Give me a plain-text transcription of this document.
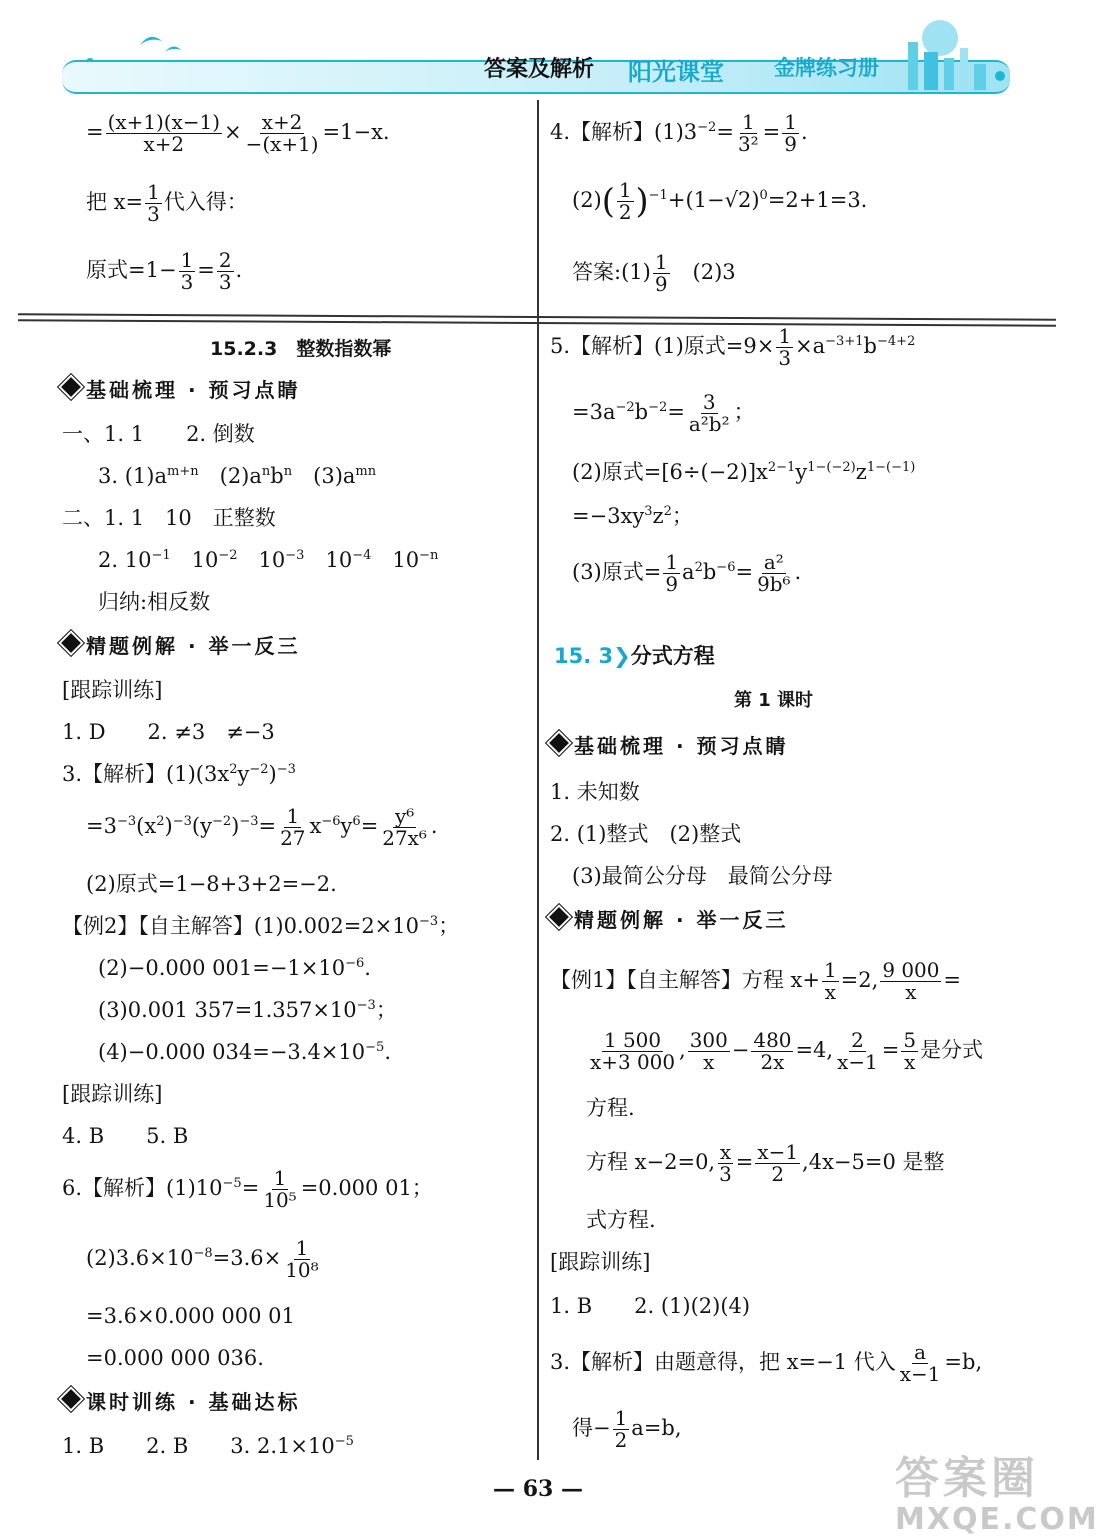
答案及解析 阳光课堂 金牌练习册
= $\frac{(x+1)(x-1)}{x+2} \times \frac{x+2}{-(x+1)} =1-x$.
把 $x= \frac{1}{3}$ 代入得：
原式$=1- \frac{1}{3} = \frac{2}{3}$ .
15.2.3　整数指数幂
基础梳理 · 预习点睛
一、1. 1　　2. 倒数
3. $(1)a^{m+n}$　$(2)a^nb^n$　$(3)a^{mn}$
二、1. 1　10　正整数
2. $10^{-1}$　$10^{-2}$　$10^{-3}$　$10^{-4}$　$10^{-n}$
归纳:相反数
精题例解 · 举一反三
[跟踪训练]
1. D　　2. ≠3　≠−3
3.【解析】$(1)(3x^2y^{-2})^{-3}$
$=3^{-3}(x^2)^{-3}(y^{-2})^{-3}= \frac{1}{27} x^{-6}y^6= \frac{\text{y⁶}}{\text{27x⁶}}$ .
(2)原式=1−8+3+2=−2.
【例2】【自主解答】$(1)0.002=2\times 10^{-3}$；
(2)−0.000 $001=-1\times 10^{-6}$.
(3)0.001 $357=1.357\times 10^{-3}$；
(4)−0.000 $034=-3.4\times 10^{-5}$.
[跟踪训练]
4. B　　5. B
6.【解析】$(1)10^{-5}= \frac{1}{\text{10⁵}} =0.000$ 01；
$(2)3.6\times 10^{-8}=3.6\times \frac{1}{\text{10⁸}}$
=3.6×0.000 000 01
=0.000 000 036.
课时训练 · 基础达标
1. B　　2. B　　3. $2.1\times 10^{-5}$
4.【解析】$(1)3^{-2}= \frac{1}{\text{3²}} = \frac{1}{9}$ .
$(2)( \frac{1}{2} )^{-1}+(1-√2)^0=2+1=3$.
答案:(1) $\frac{1}{9}$ 　(2)3
5.【解析】(1)原式$=9\times \frac{1}{3} \times a^{-3+1}b^{-4+2}$
$=3a^{-2}b^{-2}= \frac{3}{\text{a²b²}}$ ；
(2)原式$=[6\div(-2)]x^{2-1}y^{1-(-2)}z^{1-(-1)}$
$=-3xy^3z^2$；
(3)原式= $\frac{1}{9} a^2b^{-6}= \frac{\text{a²}}{\text{9b⁶}}$ .
15. 3❯分式方程
第 1 课时
基础梳理 · 预习点睛
1. 未知数
2. (1)整式　(2)整式
(3)最简公分母　最简公分母
精题例解 · 举一反三
【例1】【自主解答】方程 $x+ \frac{1}{x} =2$, $\frac{9 000}{x}$ =
$\frac{1 500}{x+3 000}$ , $\frac{300}{x} - \frac{480}{2x} =4$, $\frac{2}{x-1} = \frac{5}{x}$ 是分式
方程.
方程 x−2=0, $\frac{x}{3} = \frac{x-1}{2} ,4x-5=0$ 是整
式方程.
[跟踪训练]
1. B　　2. (1)(2)(4)
3.【解析】由题意得，把 x=−1 代入 $\frac{a}{x-1} =b$,
得− $\frac{1}{2} a=b$,
— 63 —	答案圈
MXQE.COM
